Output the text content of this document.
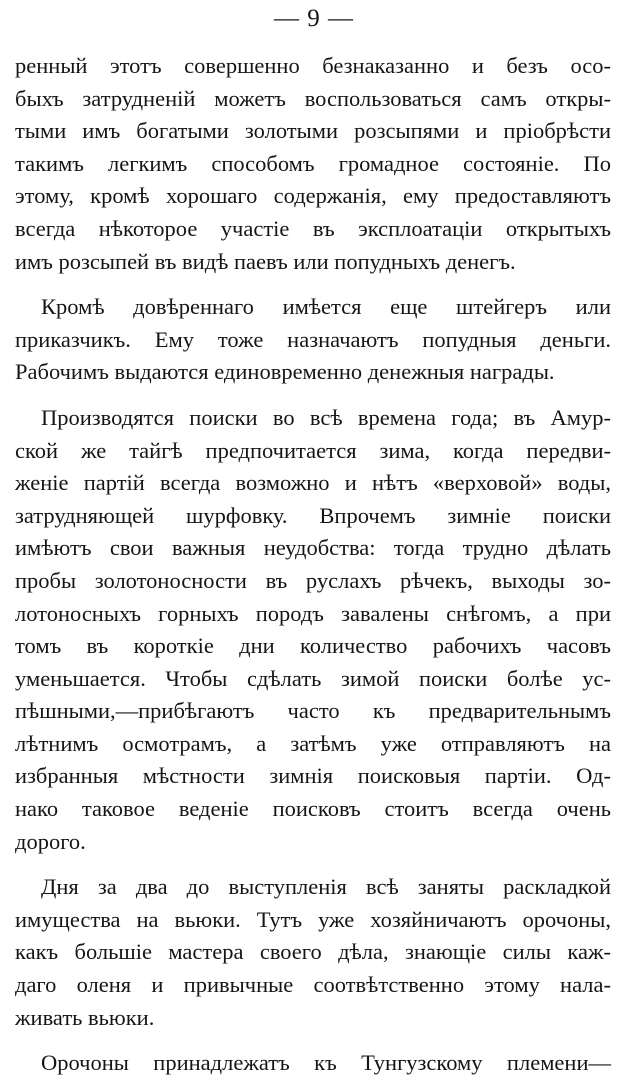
— 9 —
ренный этотъ совершенно безнаказанно и безъ осо-
быхъ затрудненій можетъ воспользоваться самъ откры-
тыми имъ богатыми золотыми розсыпями и пріобрѣсти
такимъ легкимъ способомъ громадное состояніе. По
этому, кромѣ хорошаго содержанія, ему предоставляютъ
всегда нѣкоторое участіе въ эксплоатаціи открытыхъ
имъ розсыпей въ видѣ паевъ или попудныхъ денегъ.
Кромѣ довѣреннаго имѣется еще штейгеръ или
приказчикъ. Ему тоже назначаютъ попудныя деньги.
Рабочимъ выдаются единовременно денежныя награды.
Производятся поиски во всѣ времена года; въ Амур-
ской же тайгѣ предпочитается зима, когда передви-
женіе партій всегда возможно и нѣтъ «верховой» воды,
затрудняющей шурфовку. Впрочемъ зимніе поиски
имѣютъ свои важныя неудобства: тогда трудно дѣлать
пробы золотоносности въ руслахъ рѣчекъ, выходы зо-
лотоносныхъ горныхъ породъ завалены снѣгомъ, а при
томъ въ короткіе дни количество рабочихъ часовъ
уменьшается. Чтобы сдѣлать зимой поиски болѣе ус-
пѣшными,—прибѣгаютъ часто къ предварительнымъ
лѣтнимъ осмотрамъ, а затѣмъ уже отправляютъ на
избранныя мѣстности зимнія поисковыя партіи. Од-
нако таковое веденіе поисковъ стоитъ всегда очень
дорого.
Дня за два до выступленія всѣ заняты раскладкой
имущества на вьюки. Тутъ уже хозяйничаютъ орочоны,
какъ большіе мастера своего дѣла, знающіе силы каж-
даго оленя и привычные соотвѣтственно этому нала-
живать вьюки.
Орочоны принадлежатъ къ Тунгузскому племени—
